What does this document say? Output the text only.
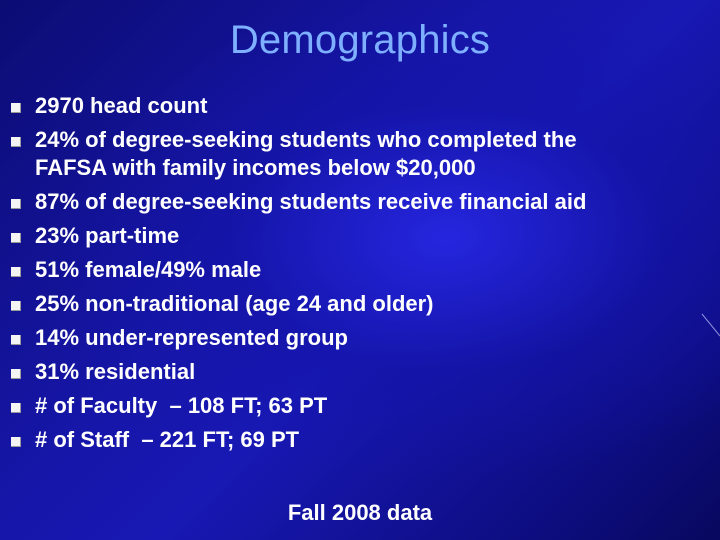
Demographics
2970 head count
24% of degree-seeking students who completed the
FAFSA with family incomes below $20,000
87% of degree-seeking students receive financial aid
23% part-time
51% female/49% male
25% non-traditional (age 24 and older)
14% under-represented group
31% residential
# of Faculty  – 108 FT; 63 PT
# of Staff  – 221 FT; 69 PT
Fall 2008 data
